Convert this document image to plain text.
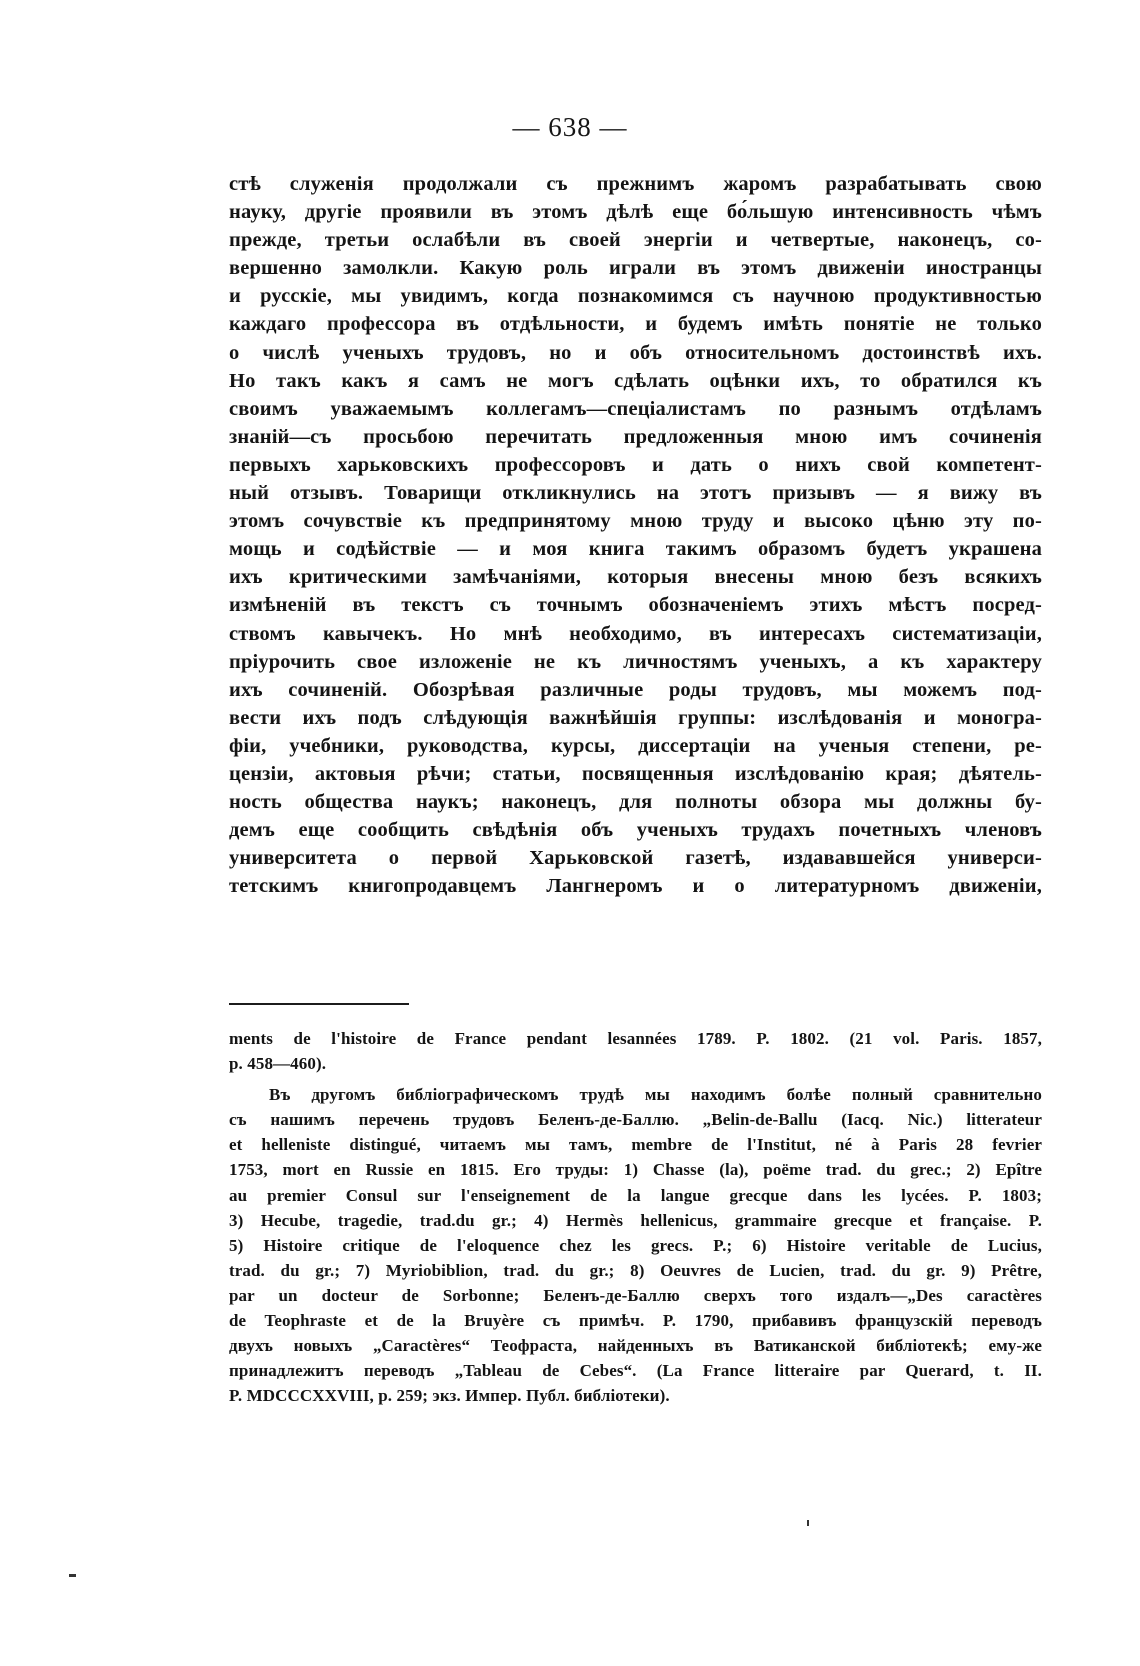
— 638 —
стѣ служенія продолжали съ прежнимъ жаромъ разрабатывать свою
науку, другіе проявили въ этомъ дѣлѣ еще бо́льшую интенсивность чѣмъ
прежде, третьи ослабѣли въ своей энергіи и четвертые, наконецъ, со-
вершенно замолкли. Какую роль играли въ этомъ движеніи иностранцы
и русскіе, мы увидимъ, когда познакомимся съ научною продуктивностью
каждаго профессора въ отдѣльности, и будемъ имѣть понятіе не только
о числѣ ученыхъ трудовъ, но и объ относительномъ достоинствѣ ихъ.
Но такъ какъ я самъ не могъ сдѣлать оцѣнки ихъ, то обратился къ
своимъ уважаемымъ коллегамъ—спеціалистамъ по разнымъ отдѣламъ
знаній—съ просьбою перечитать предложенныя мною имъ сочиненія
первыхъ харьковскихъ профессоровъ и дать о нихъ свой компетент-
ный отзывъ. Товарищи откликнулись на этотъ призывъ — я вижу въ
этомъ сочувствіе къ предпринятому мною труду и высоко цѣню эту по-
мощь и содѣйствіе — и моя книга такимъ образомъ будетъ украшена
ихъ критическими замѣчаніями, которыя внесены мною безъ всякихъ
измѣненій въ текстъ съ точнымъ обозначеніемъ этихъ мѣстъ посред-
ствомъ кавычекъ. Но мнѣ необходимо, въ интересахъ систематизаціи,
пріурочить свое изложеніе не къ личностямъ ученыхъ, а къ характеру
ихъ сочиненій. Обозрѣвая различные роды трудовъ, мы можемъ под-
вести ихъ подъ слѣдующія важнѣйшія группы: изслѣдованія и моногра-
фіи, учебники, руководства, курсы, диссертаціи на ученыя степени, ре-
цензіи, актовыя рѣчи; статьи, посвященныя изслѣдованію края; дѣятель-
ность общества наукъ; наконецъ, для полноты обзора мы должны бу-
демъ еще сообщить свѣдѣнія объ ученыхъ трудахъ почетныхъ членовъ
университета о первой Харьковской газетѣ, издававшейся универси-
тетскимъ книгопродавцемъ Лангнеромъ и о литературномъ движеніи,
ments de l'histoire de France pendant lesannées 1789. P. 1802. (21 vol. Paris. 1857,
p. 458—460).
Въ другомъ библіографическомъ трудѣ мы находимъ болѣе полный сравнительно
съ нашимъ перечень трудовъ Беленъ-де-Баллю. „Belin-de-Ballu (Iacq. Nic.) litterateur
et helleniste distingué, читаемъ мы тамъ, membre de l'Institut, né à Paris 28 fevrier
1753, mort en Russie en 1815. Его труды: 1) Chasse (la), poëme trad. du grec.; 2) Epître
au premier Consul sur l'enseignement de la langue grecque dans les lycées. P. 1803;
3) Hecube, tragedie, trad.du gr.; 4) Hermès hellenicus, grammaire grecque et française. P.
5) Histoire critique de l'eloquence chez les grecs. P.; 6) Histoire veritable de Lucius,
trad. du gr.; 7) Myriobiblion, trad. du gr.; 8) Oeuvres de Lucien, trad. du gr. 9) Prêtre,
par un docteur de Sorbonne; Беленъ-де-Баллю сверхъ того издалъ—„Des caractères
de Teophraste et de la Bruyère съ примѣч. P. 1790, прибавивъ французскій переводъ
двухъ новыхъ „Caractères“ Теофраста, найденныхъ въ Ватиканской библіотекѣ; ему-же
принадлежитъ переводъ „Tableau de Cebes“. (La France litteraire par Querard, t. II.
P. MDCCCXXVIII, p. 259; экз. Импер. Публ. библіотеки).
